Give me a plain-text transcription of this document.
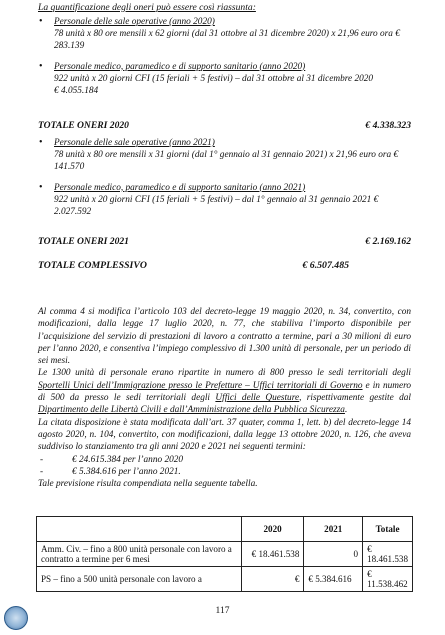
La quantificazione degli oneri può essere così riassunta:
• Personale delle sale operative (anno 2020)
78 unità x 80 ore mensili x 62 giorni (dal 31 ottobre al 31 dicembre 2020) x 21,96 euro ora €
283.139
• Personale medico, paramedico e di supporto sanitario (anno 2020)
922 unità x 20 giorni CFI (15 feriali + 5 festivi) – dal 31 ottobre al 31 dicembre 2020
€ 4.055.184
TOTALE ONERI 2020	€ 4.338.323
• Personale delle sale operative (anno 2021)
78 unità x 80 ore mensili x 31 giorni (dal 1° gennaio al 31 gennaio 2021) x 21,96 euro ora €
141.570
• Personale medico, paramedico e di supporto sanitario (anno 2021)
922 unità x 20 giorni CFI (15 feriali + 5 festivi) – dal 1° gennaio al 31 gennaio 2021 €
2.027.592
TOTALE ONERI 2021	€ 2.169.162
TOTALE COMPLESSIVO	€ 6.507.485

Al comma 4 si modifica l’articolo 103 del decreto-legge 19 maggio 2020, n. 34, convertito, con modificazioni, dalla legge 17 luglio 2020, n. 77, che stabiliva l’importo disponibile per l’acquisizione del servizio di prestazioni di lavoro a contratto a termine, pari a 30 milioni di euro per l’anno 2020, e consentiva l’impiego complessivo di 1.300 unità di personale, per un periodo di sei mesi.

Le 1300 unità di personale erano ripartite in numero di 800 presso le sedi territoriali degli Sportelli Unici dell’Immigrazione presso le Prefetture – Uffici territoriali di Governo e in numero di 500 da presso le sedi territoriali degli Uffici delle Questure, rispettivamente gestite dal Dipartimento delle Libertà Civili e dall’Amministrazione della Pubblica Sicurezza.

La citata disposizione è stata modificata dall’art. 37 quater, comma 1, lett. b) del decreto-legge 14 agosto 2020, n. 104, convertito, con modificazioni, dalla legge 13 ottobre 2020, n. 126, che aveva suddiviso lo stanziamento tra gli anni 2020 e 2021 nei seguenti termini:

- € 24.615.384 per l’anno 2020

- € 5.384.616 per l’anno 2021.

Tale previsione risulta compendiata nella seguente tabella.

	2020	2021	Totale
Amm. Civ. – fino a 800 unità personale con lavoro a contratto a termine per 6 mesi	€ 18.461.538	0	€ 18.461.538
PS – fino a 500 unità personale con lavoro a	€	€ 5.384.616	€ 11.538.462
117
